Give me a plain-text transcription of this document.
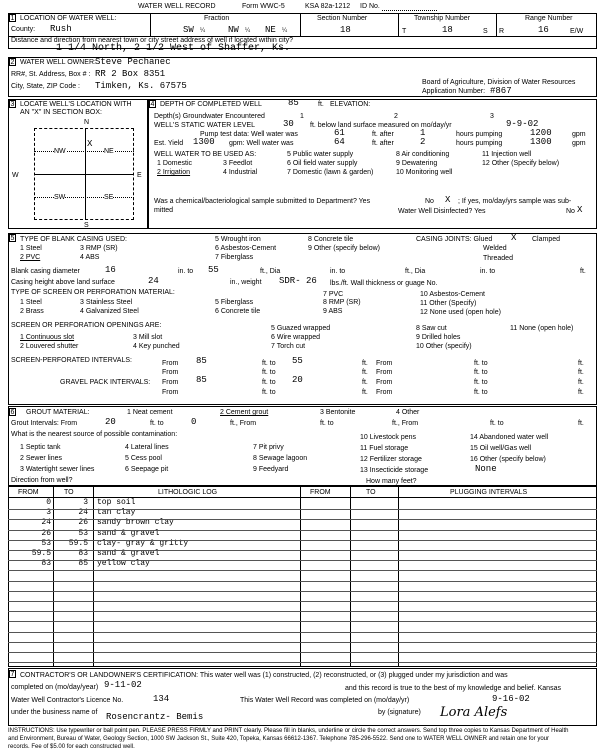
WATER WELL RECORD	Form WWC-5	KSA 82a-1212 ID No.
1 LOCATION OF WATER WELL:
County: Rush
Fraction
SW ¼	NW ¼ NE ¼
Section Number
18
Township Number
T	18	S
Range Number
R	16	E/W
Distance and direction from nearest town or city street address of well if located within city?
1 1/4 North, 2 1/2 West of Shaffer, Ks.
2 WATER WELL OWNER: Steve Pechanec
RR#, St. Address, Box # : RR 2 Box 8351
City, State, ZIP Code : Timken, Ks. 67575	Board of Agriculture, Division of Water Resources
Application Number: #867
3 LOCATE WELL'S LOCATION WITH
AN "X" IN SECTION BOX:
N
S
W	E
NW
X
NE
SW	SE
4 DEPTH OF COMPLETED WELL	85	ft. ELEVATION:
Depth(s) Groundwater Encountered	1	2	3
WELL'S STATIC WATER LEVEL	30 ft. below land surface measured on mo/day/yr	9-9-02
Pump test data: Well water was	61	ft. after	1	hours pumping	1200	gpm
Est. Yield 1300 gpm: Well water was	64	ft. after	2	hours pumping	1300	gpm
WELL WATER TO BE USED AS:
1 Domestic	3 Feedlot
5 Public water supply	8 Air conditioning	11 Injection well
2 Irrigation	4 Industrial	7 Domestic (lawn & garden)	10 Monitoring well
12 Other (Specify below)
6 Oil field water supply	9 Dewatering
Was a chemical/bacteriological sample submitted to Department? Yes	No X ; If yes, mo/day/yrs sample was sub-
mitted	Water Well Disinfected? Yes	No X
5 TYPE OF BLANK CASING USED:
1 Steel	3 RMP (SR)
2 PVC	4 ABS
5 Wrought iron
6 Asbestos-Cement
7 Fiberglass
8 Concrete tile
9 Other (specify below)
CASING JOINTS: Glued X Clamped
Welded
Threaded
Blank casing diameter	16	in. to 55	ft., Dia	in. to	ft., Dia	in. to	ft.
Casing height above land surface	24	in., weight SDR- 26 lbs./ft. Wall thickness or guage No.
TYPE OF SCREEN OR PERFORATION MATERIAL:
1 Steel	3 Stainless Steel	5 Fiberglass
7 PVC	10 Asbestos-Cement
2 Brass	4 Galvanized Steel	6 Concrete tile
8 RMP (SR)	11 Other (Specify)
9 ABS	12 None used (open hole)
SCREEN OR PERFORATION OPENINGS ARE:
1 Continuous slot	3 Mill slot
5 Guazed wrapped	8 Saw cut	11 None (open hole)
2 Louvered shutter	4 Key punched
6 Wire wrapped	9 Drilled holes
7 Torch cut	10 Other (specify)
SCREEN-PERFORATED INTERVALS:	From 85	ft. to 55	ft. From	ft. to	ft.
From	ft. to	ft. From	ft. to	ft.
GRAVEL PACK INTERVALS: From 85	ft. to 20	ft. From	ft. to	ft.
From	ft. to	ft. From	ft. to	ft.
6 GROUT MATERIAL:	1 Neat cement	2 Cement grout	3 Bentonite	4 Other
Grout Intervals: From	20	ft. to	0	ft., From	ft. to	ft., From	ft. to	ft.
What is the nearest source of possible contamination:
1 Septic tank	4 Lateral lines	7 Pit privy
10 Livestock pens	14 Abandoned water well
2 Sewer lines	5 Cess pool	8 Sewage lagoon
11 Fuel storage	15 Oil well/Gas well
3 Watertight sewer lines	6 Seepage pit	9 Feedyard
12 Fertilizer storage	16 Other (specify below)
13 Insecticide storage	None
Direction from well?	How many feet?
FROM	TO	LITHOLOGIC LOG	FROM	TO	PLUGGING INTERVALS
0	3 top soil
3	24 tan clay
24	26 sandy brown clay
26	53 sand & gravel
53	59.5 clay- gray & gritty
59.5	83 sand & gravel
83	85 yellow clay
7 CONTRACTOR'S OR LANDOWNER'S CERTIFICATION: This water well was (1) constructed, (2) reconstructed, or (3) plugged under my jurisdiction and was
completed on (mo/day/year) 9-11-02	and this record is true to the best of my knowledge and belief. Kansas
Water Well Contractor's Licence No.	134	This Water Well Record was completed on (mo/day/yr)	9-16-02
under the business name of Rosencrantz- Bemis	by (signature) Lora Alefs
INSTRUCTIONS: Use typewriter or ball point pen. PLEASE PRESS FIRMLY and PRINT clearly. Please fill in blanks, underline or circle the correct answers. Send top three copies to Kansas Department of Health
and Environment, Bureau of Water, Geology Section, 1000 SW Jackson St., Suite 420, Topeka, Kansas 66612-1367. Telephone 785-296-5522. Send one to WATER WELL OWNER and retain one for your
records. Fee of $5.00 for each constructed well.
